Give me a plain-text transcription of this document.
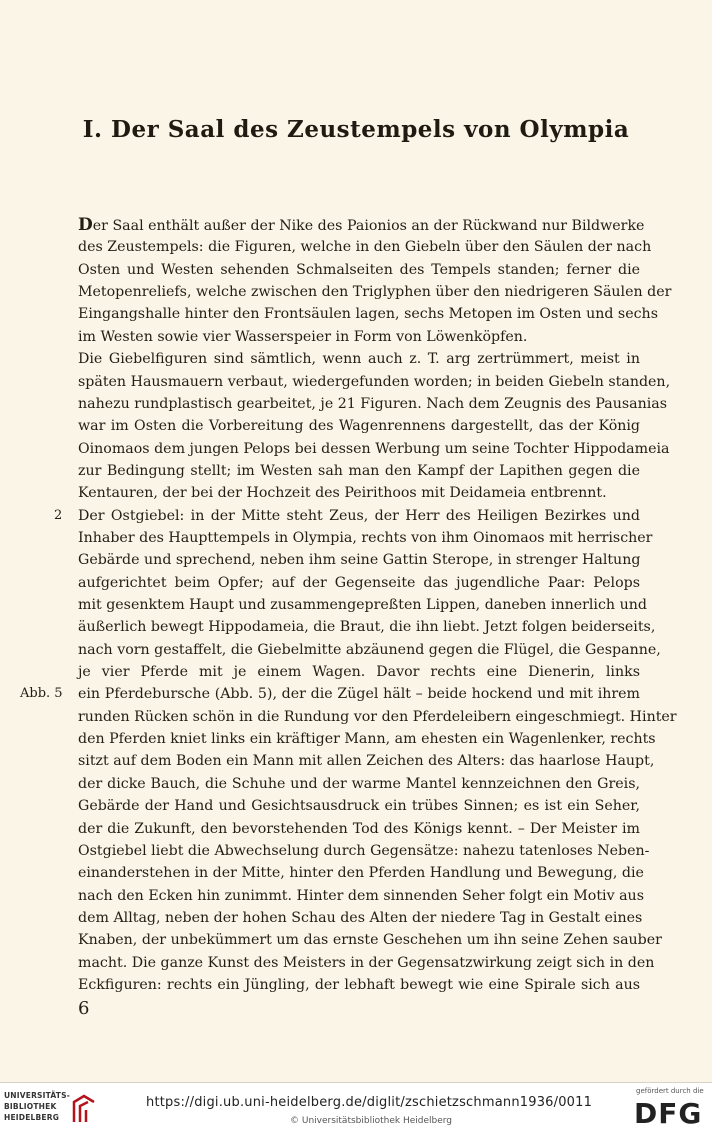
I. Der Saal des Zeustempels von Olympia
Der Saal enthält außer der Nike des Paionios an der Rückwand nur Bildwerke
des Zeustempels: die Figuren, welche in den Giebeln über den Säulen der nach
Osten und Westen sehenden Schmalseiten des Tempels standen; ferner die
Metopenreliefs, welche zwischen den Triglyphen über den niedrigeren Säulen der
Eingangshalle hinter den Frontsäulen lagen, sechs Metopen im Osten und sechs
im Westen sowie vier Wasserspeier in Form von Löwenköpfen.
Die Giebelfiguren sind sämtlich, wenn auch z. T. arg zertrümmert, meist in
späten Hausmauern verbaut, wiedergefunden worden; in beiden Giebeln standen,
nahezu rundplastisch gearbeitet, je 21 Figuren. Nach dem Zeugnis des Pausanias
war im Osten die Vorbereitung des Wagenrennens dargestellt, das der König
Oinomaos dem jungen Pelops bei dessen Werbung um seine Tochter Hippodameia
zur Bedingung stellt; im Westen sah man den Kampf der Lapithen gegen die
Kentauren, der bei der Hochzeit des Peirithoos mit Deidameia entbrennt.
Der Ostgiebel: in der Mitte steht Zeus, der Herr des Heiligen Bezirkes und
Inhaber des Haupttempels in Olympia, rechts von ihm Oinomaos mit herrischer
Gebärde und sprechend, neben ihm seine Gattin Sterope, in strenger Haltung
aufgerichtet beim Opfer; auf der Gegenseite das jugendliche Paar: Pelops
mit gesenktem Haupt und zusammengepreßten Lippen, daneben innerlich und
äußerlich bewegt Hippodameia, die Braut, die ihn liebt. Jetzt folgen beiderseits,
nach vorn gestaffelt, die Giebelmitte abzäunend gegen die Flügel, die Gespanne,
je vier Pferde mit je einem Wagen. Davor rechts eine Dienerin, links
ein Pferdebursche (Abb. 5), der die Zügel hält – beide hockend und mit ihrem
runden Rücken schön in die Rundung vor den Pferdeleibern eingeschmiegt. Hinter
den Pferden kniet links ein kräftiger Mann, am ehesten ein Wagenlenker, rechts
sitzt auf dem Boden ein Mann mit allen Zeichen des Alters: das haarlose Haupt,
der dicke Bauch, die Schuhe und der warme Mantel kennzeichnen den Greis,
Gebärde der Hand und Gesichtsausdruck ein trübes Sinnen; es ist ein Seher,
der die Zukunft, den bevorstehenden Tod des Königs kennt. – Der Meister im
Ostgiebel liebt die Abwechselung durch Gegensätze: nahezu tatenloses Neben-
einanderstehen in der Mitte, hinter den Pferden Handlung und Bewegung, die
nach den Ecken hin zunimmt. Hinter dem sinnenden Seher folgt ein Motiv aus
dem Alltag, neben der hohen Schau des Alten der niedere Tag in Gestalt eines
Knaben, der unbekümmert um das ernste Geschehen um ihn seine Zehen sauber
macht. Die ganze Kunst des Meisters in der Gegensatzwirkung zeigt sich in den
Eckfiguren: rechts ein Jüngling, der lebhaft bewegt wie eine Spirale sich aus
2
Abb. 5
6
UNIVERSITÄTS-
BIBLIOTHEK
HEIDELBERG
https://digi.ub.uni-heidelberg.de/diglit/zschietzschmann1936/0011
© Universitätsbibliothek Heidelberg
gefördert durch die
DFG
